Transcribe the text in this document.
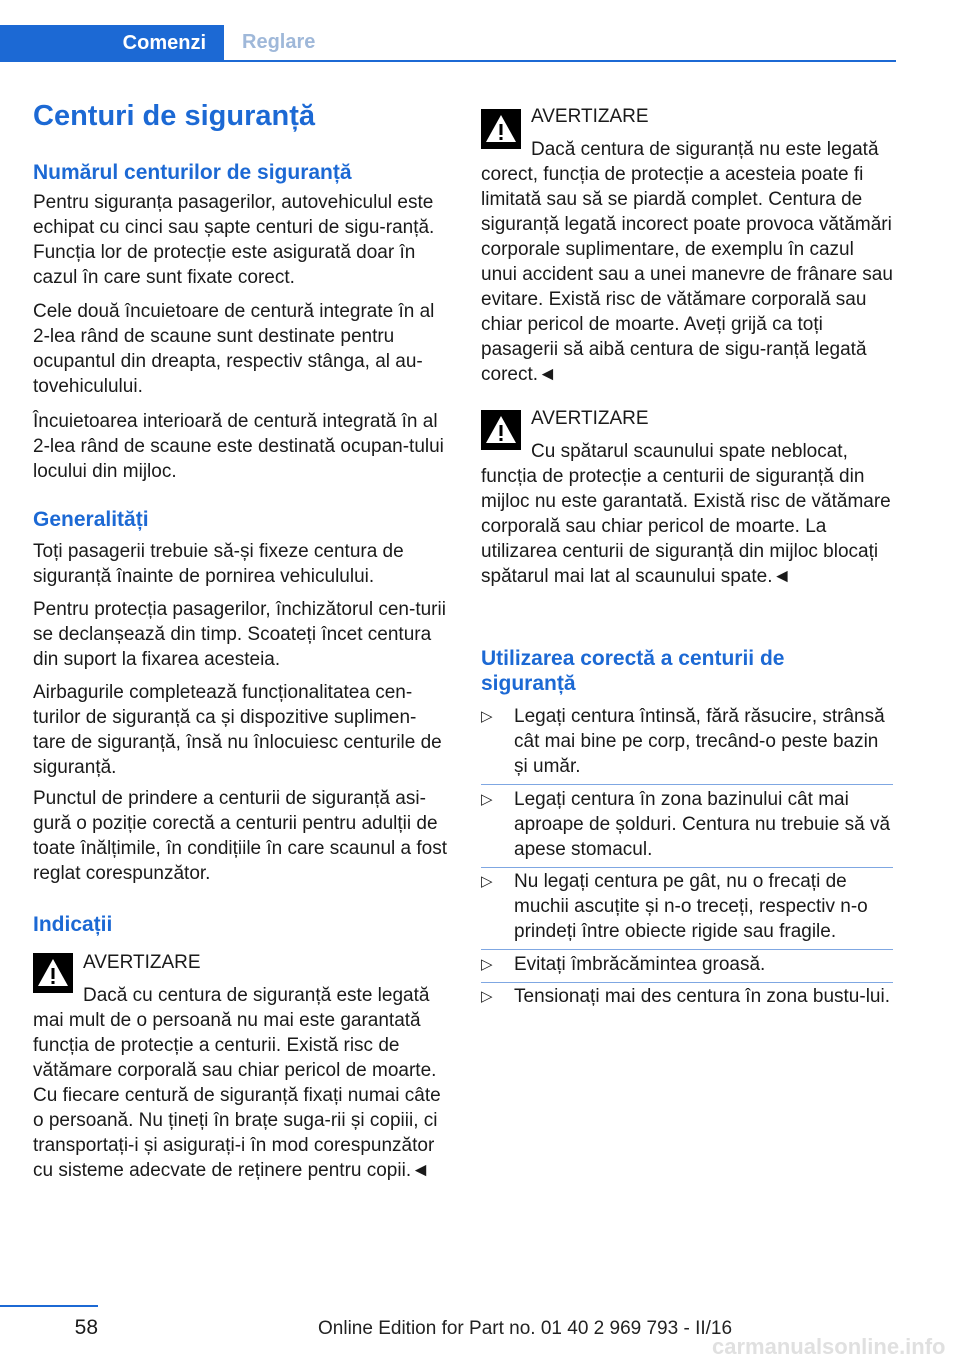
Comenzi	Reglare
Centuri de siguranță
Numărul centurilor de siguranță
Pentru siguranța pasagerilor, autovehiculul este echipat cu cinci sau șapte centuri de sigu-ranță. Funcția lor de protecție este asigurată doar în cazul în care sunt fixate corect.
Cele două încuietoare de centură integrate în al 2-lea rând de scaune sunt destinate pentru ocupantul din dreapta, respectiv stânga, al au-tovehiculului.
Încuietoarea interioară de centură integrată în al 2-lea rând de scaune este destinată ocupan-tului locului din mijloc.
Generalități
Toți pasagerii trebuie să-și fixeze centura de siguranță înainte de pornirea vehiculului.
Pentru protecția pasagerilor, închizătorul cen-turii se declanșează din timp. Scoateți încet centura din suport la fixarea acesteia.
Airbagurile completează funcționalitatea cen-turilor de siguranță ca și dispozitive suplimen-tare de siguranță, însă nu înlocuiesc centurile de siguranță.
Punctul de prindere a centurii de siguranță asi-gură o poziție corectă a centurii pentru adulții de toate înălțimile, în condițiile în care scaunul a fost reglat corespunzător.
Indicații
AVERTIZARE
Dacă cu centura de siguranță este legată
mai mult de o persoană nu mai este garantată funcția de protecție a centurii. Există risc de vătămare corporală sau chiar pericol de moarte. Cu fiecare centură de siguranță fixați numai câte o persoană. Nu țineți în brațe suga-rii și copiii, ci transportați-i și asigurați-i în mod corespunzător cu sisteme adecvate de reținere pentru copii.◄
AVERTIZARE
Dacă centura de siguranță nu este legată
corect, funcția de protecție a acesteia poate fi limitată sau să se piardă complet. Centura de siguranță legată incorect poate provoca vătămări corporale suplimentare, de exemplu în cazul unui accident sau a unei manevre de frânare sau evitare. Există risc de vătămare corporală sau chiar pericol de moarte. Aveți grijă ca toți pasagerii să aibă centura de sigu-ranță legată corect.◄
AVERTIZARE
Cu spătarul scaunului spate neblocat,
funcția de protecție a centurii de siguranță din mijloc nu este garantată. Există risc de vătămare corporală sau chiar pericol de moarte. La utilizarea centurii de siguranță din mijloc blocați spătarul mai lat al scaunului spate.◄
Utilizarea corectă a centurii de siguranță
▷ Legați centura întinsă, fără răsucire, strânsă cât mai bine pe corp, trecând-o peste bazin și umăr.
▷ Legați centura în zona bazinului cât mai aproape de șolduri. Centura nu trebuie să vă apese stomacul.
▷ Nu legați centura pe gât, nu o frecați de muchii ascuțite și n-o treceți, respectiv n-o prindeți între obiecte rigide sau fragile.
▷ Evitați îmbrăcămintea groasă.
▷ Tensionați mai des centura în zona bustu-lui.
58	Online Edition for Part no. 01 40 2 969 793 - II/16
carmanualsonline.info
